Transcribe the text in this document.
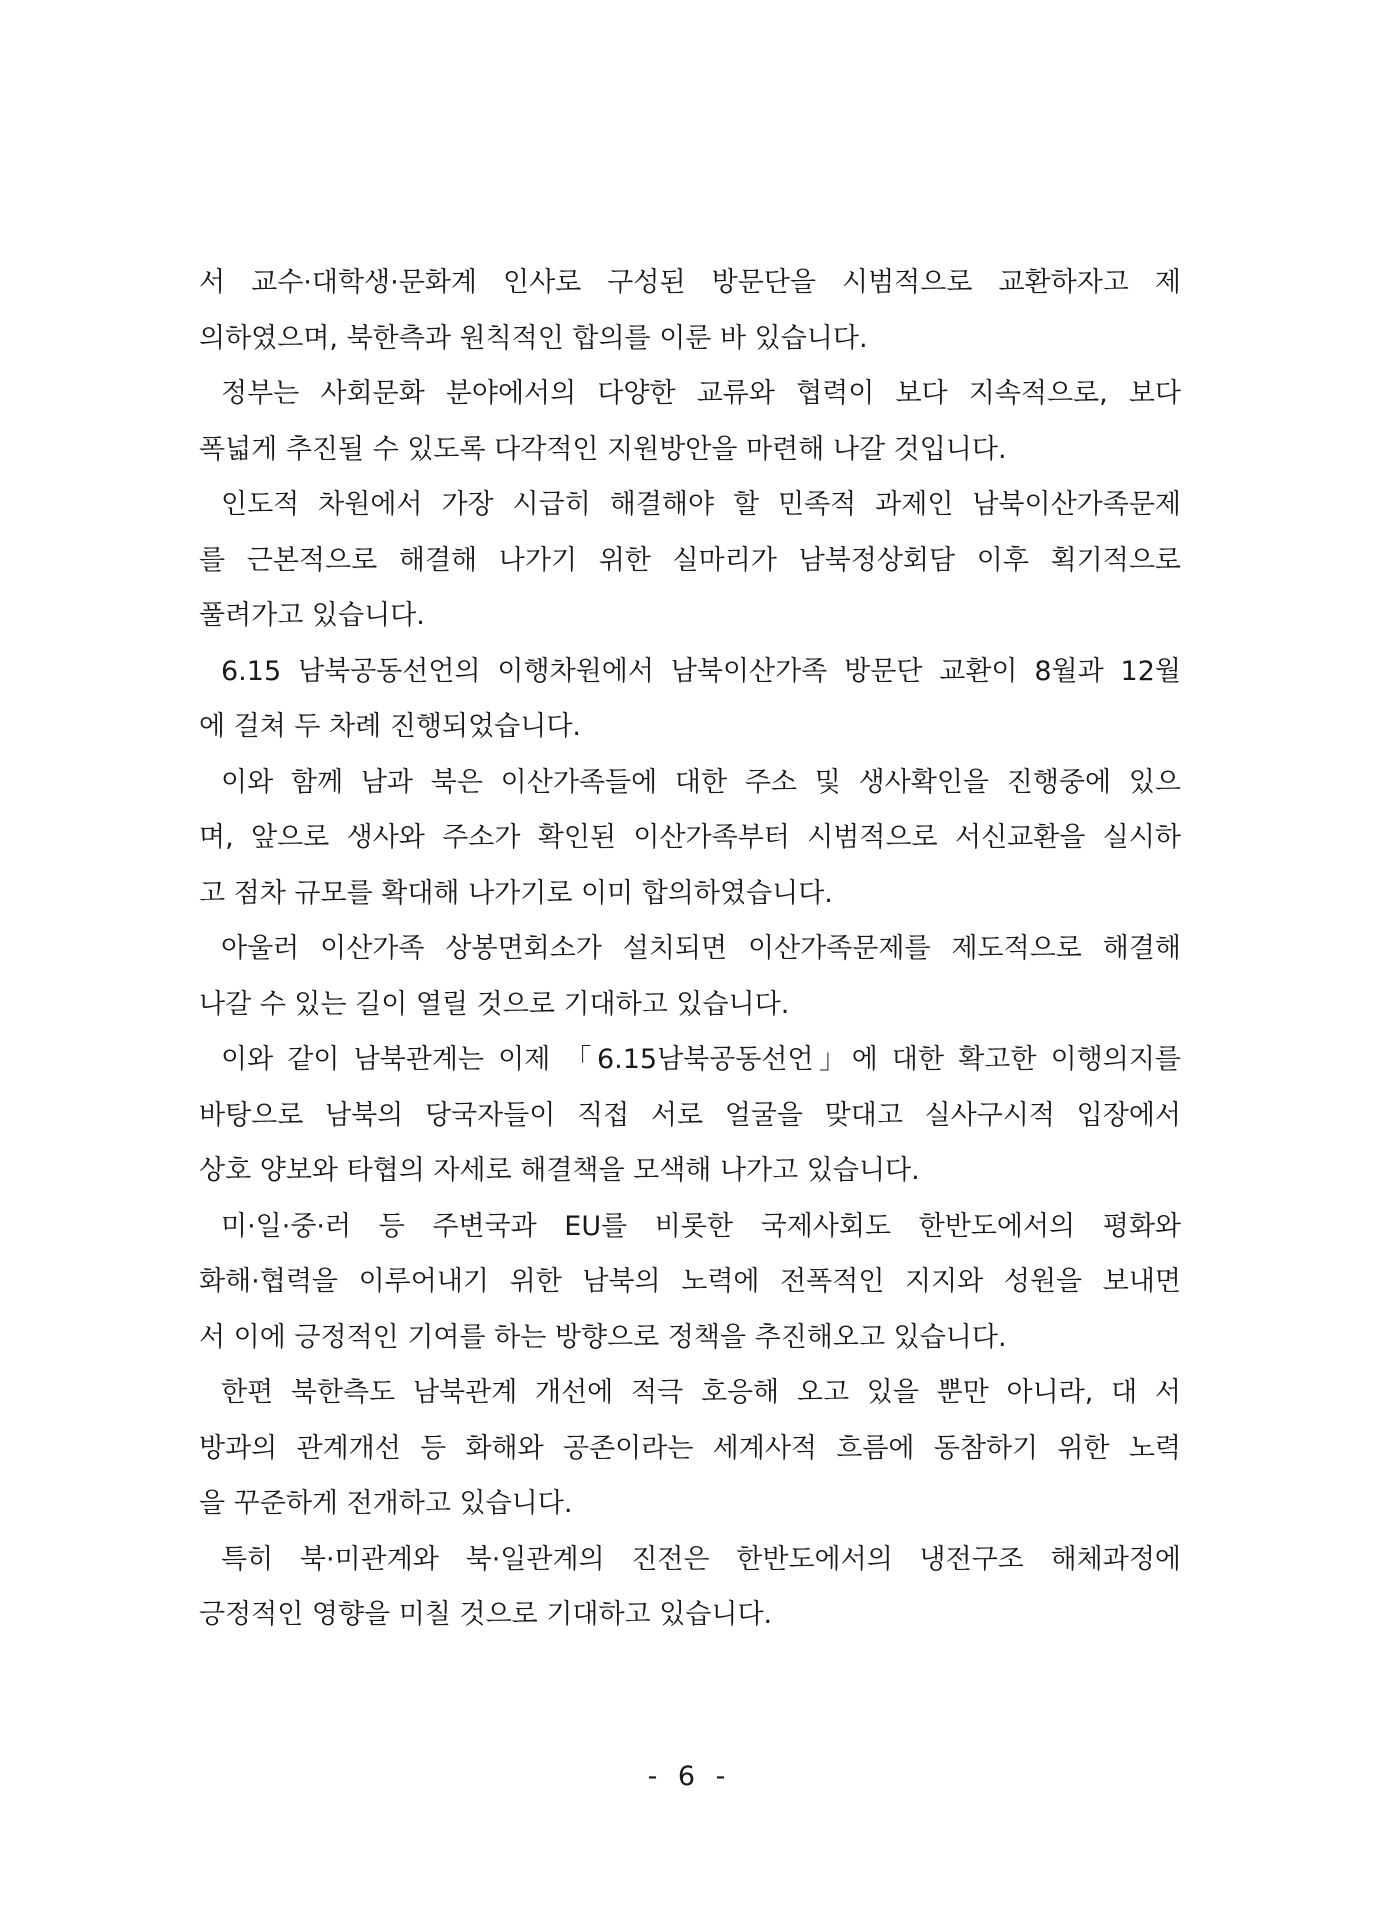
서 교수·대학생·문화계 인사로 구성된 방문단을 시범적으로 교환하자고 제
의하였으며, 북한측과 원칙적인 합의를 이룬 바 있습니다.
정부는 사회문화 분야에서의 다양한 교류와 협력이 보다 지속적으로, 보다
폭넓게 추진될 수 있도록 다각적인 지원방안을 마련해 나갈 것입니다.
인도적 차원에서 가장 시급히 해결해야 할 민족적 과제인 남북이산가족문제
를 근본적으로 해결해 나가기 위한 실마리가 남북정상회담 이후 획기적으로
풀려가고 있습니다.
6.15 남북공동선언의 이행차원에서 남북이산가족 방문단 교환이 8월과 12월
에 걸쳐 두 차례 진행되었습니다.
이와 함께 남과 북은 이산가족들에 대한 주소 및 생사확인을 진행중에 있으
며, 앞으로 생사와 주소가 확인된 이산가족부터 시범적으로 서신교환을 실시하
고 점차 규모를 확대해 나가기로 이미 합의하였습니다.
아울러 이산가족 상봉면회소가 설치되면 이산가족문제를 제도적으로 해결해
나갈 수 있는 길이 열릴 것으로 기대하고 있습니다.
이와 같이 남북관계는 이제 「6.15남북공동선언」에 대한 확고한 이행의지를
바탕으로 남북의 당국자들이 직접 서로 얼굴을 맞대고 실사구시적 입장에서
상호 양보와 타협의 자세로 해결책을 모색해 나가고 있습니다.
미·일·중·러 등 주변국과 EU를 비롯한 국제사회도 한반도에서의 평화와
화해·협력을 이루어내기 위한 남북의 노력에 전폭적인 지지와 성원을 보내면
서 이에 긍정적인 기여를 하는 방향으로 정책을 추진해오고 있습니다.
한편 북한측도 남북관계 개선에 적극 호응해 오고 있을 뿐만 아니라, 대 서
방과의 관계개선 등 화해와 공존이라는 세계사적 흐름에 동참하기 위한 노력
을 꾸준하게 전개하고 있습니다.
특히 북·미관계와 북·일관계의 진전은 한반도에서의 냉전구조 해체과정에
긍정적인 영향을 미칠 것으로 기대하고 있습니다.
- 6 -
